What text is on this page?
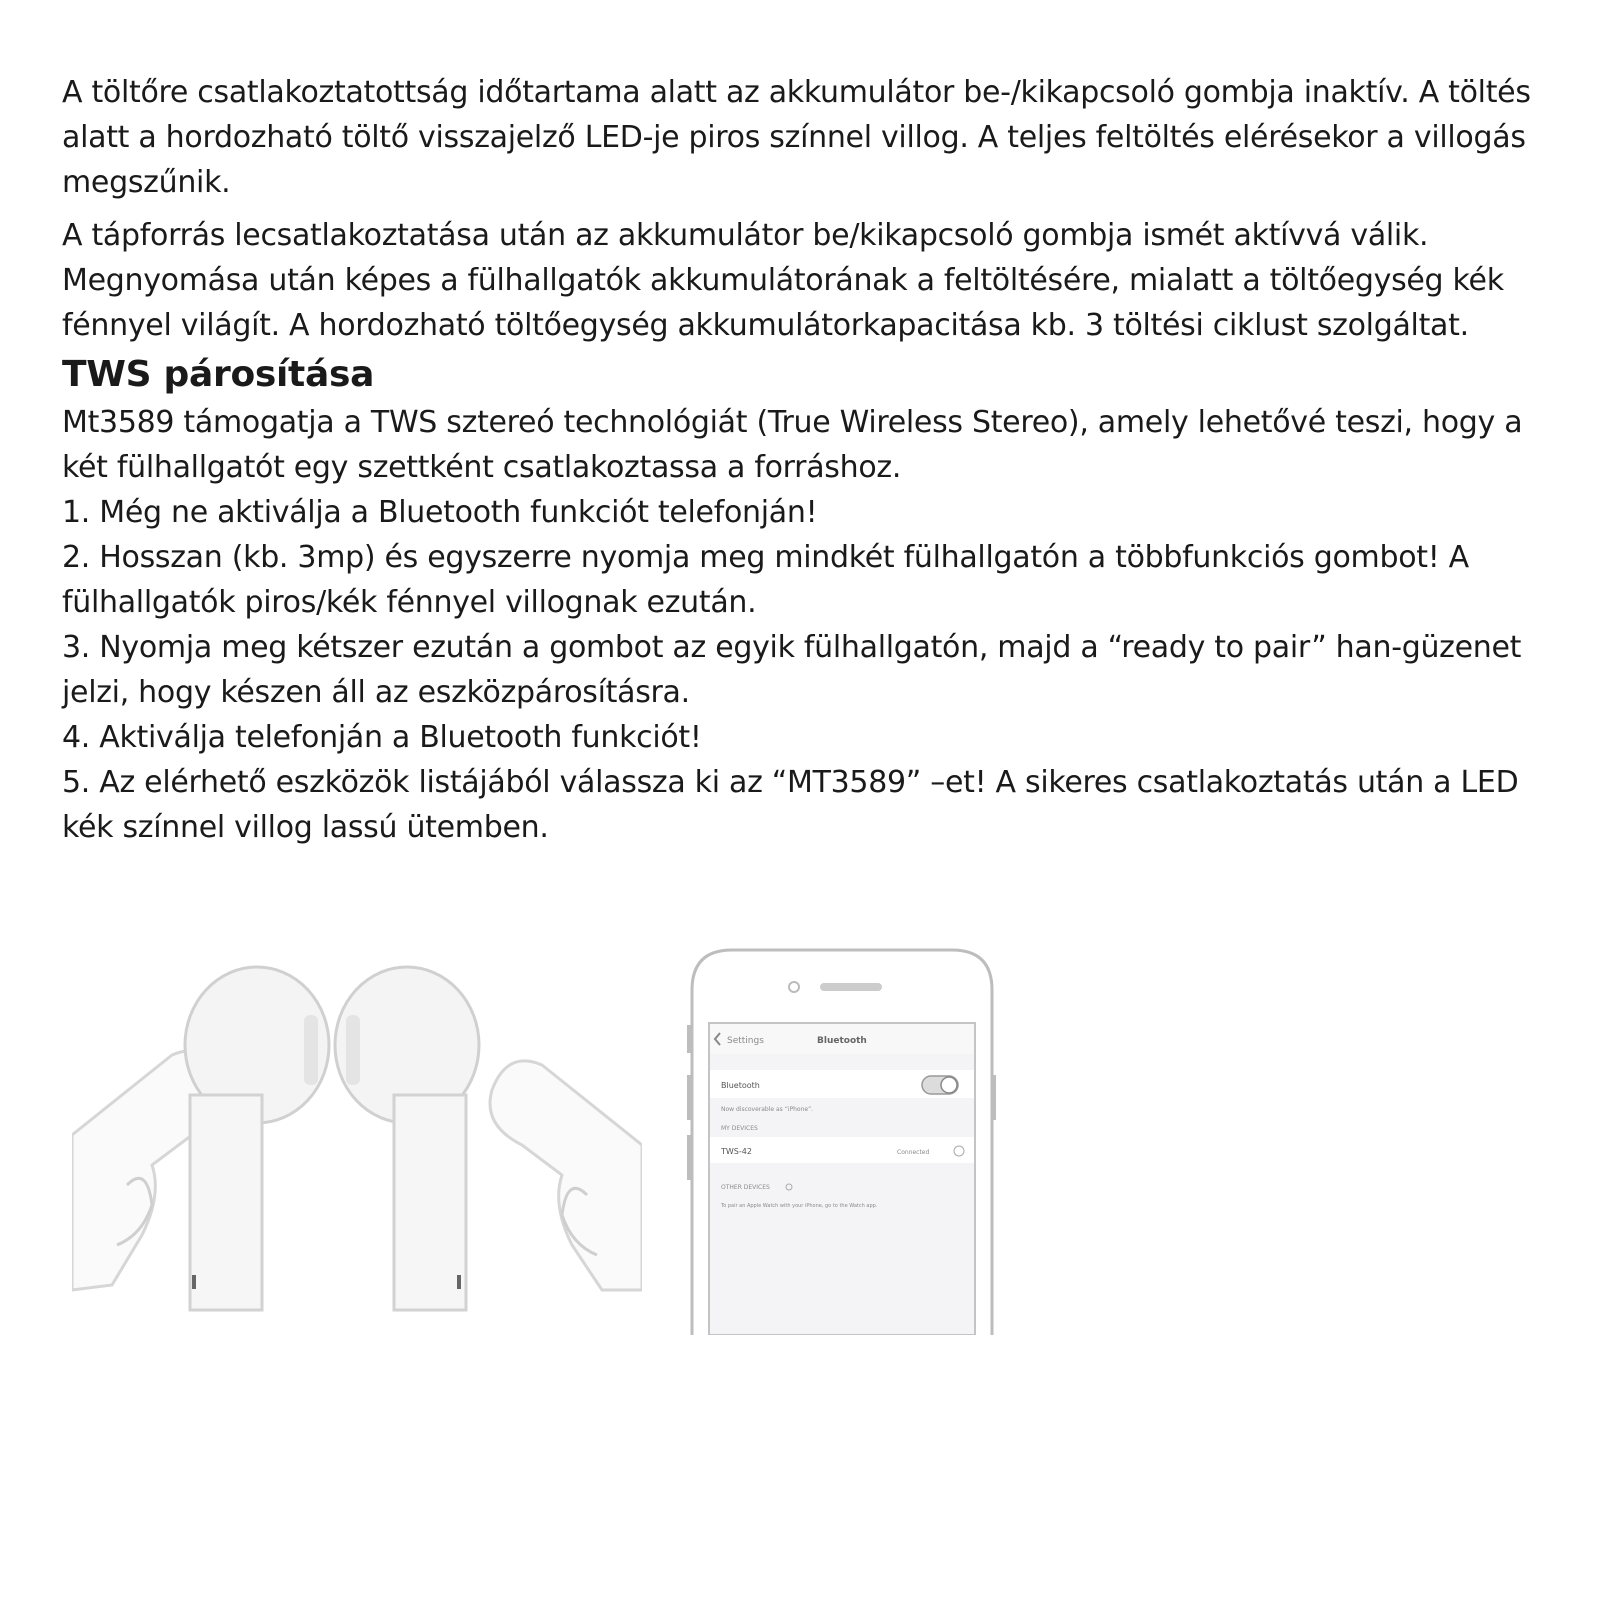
A töltőre csatlakoztatottság időtartama alatt az akkumulátor be-/kikapcsoló gombja inaktív. A töltés alatt a hordozható töltő visszajelző LED-je piros színnel villog. A teljes feltöltés elérésekor a villogás megszűnik.

A tápforrás lecsatlakoztatása után az akkumulátor be/kikapcsoló gombja ismét aktívvá válik. Megnyomása után képes a fülhallgatók akkumulátorának a feltöltésére, mialatt a töltőegység kék fénnyel világít. A hordozható töltőegység akkumulátorkapacitása kb. 3 töltési ciklust szolgáltat.

TWS párosítása

Mt3589 támogatja a TWS sztereó technológiát (True Wireless Stereo), amely lehetővé teszi, hogy a két fülhallgatót egy szettként csatlakoztassa a forráshoz.

1. Még ne aktiválja a Bluetooth funkciót telefonján!

2. Hosszan (kb. 3mp) és egyszerre nyomja meg mindkét fülhallgatón a többfunkciós gombot! A fülhallgatók piros/kék fénnyel villognak ezután.

3. Nyomja meg kétszer ezután a gombot az egyik fülhallgatón, majd a “ready to pair” han-güzenet jelzi, hogy készen áll az eszközpárosításra.

4. Aktiválja telefonján a Bluetooth funkciót!

5. Az elérhető eszközök listájából válassza ki az “MT3589” –et! A sikeres csatlakoztatás után a LED kék színnel villog lassú ütemben.

Settings	Bluetooth
Bluetooth
Now discoverable as “iPhone”.
MY DEVICES
TWS-42	Connected
OTHER DEVICES
To pair an Apple Watch with your iPhone, go to the Watch app.
